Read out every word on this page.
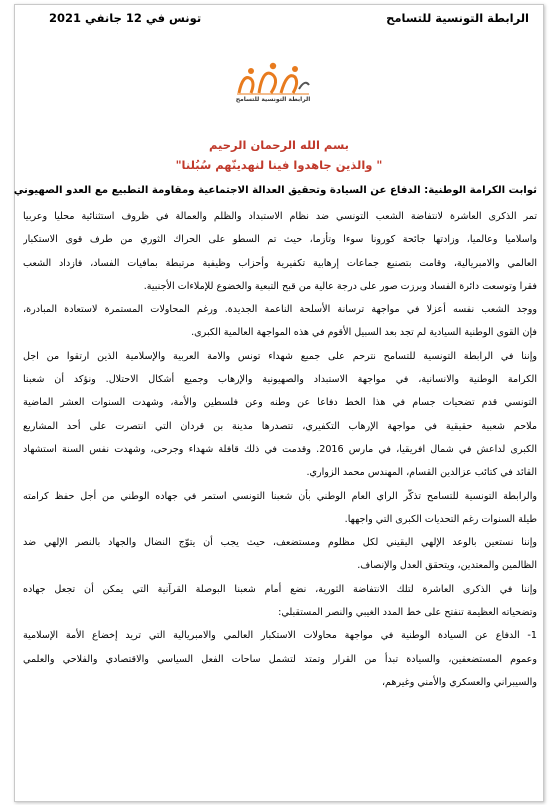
الرابطة التونسية للتسامح
تونس في 12 جانفي 2021
الرابطة التونسية للتسامح
بسم الله الرحمان الرحيم
" والذين جاهدوا فينا لنهدينّهم سُبُلنا"
ثوابت الكرامة الوطنية: الدفاع عن السيادة وتحقيق العدالة الاجتماعية ومقاومة التطبيع مع العدو الصهيوني
تمر الذكرى العاشرة لانتفاضة الشعب التونسي ضد نظام الاستبداد والظلم والعمالة في ظروف استثنائية محليا وعربيا
واسلاميا وعالميا، وزادتها جائحة كورونا سوءا وتأزما، حيث تم السطو على الحراك الثوري من طرف قوى الاستكبار
العالمي والامبريالية، وقامت بتصنيع جماعات إرهابية تكفيرية وأحزاب وظيفية مرتبطة بمافيات الفساد، فازداد الشعب
فقرا وتوسعت دائرة الفساد وبرزت صور على درجة عالية من قبح التبعية والخضوع للإملاءات الأجنبية.
ووجد الشعب نفسه أعزلا في مواجهة ترسانة الأسلحة الناعمة الجديدة. ورغم المحاولات المستمرة لاستعادة المبادرة،
فإن القوى الوطنية السيادية لم تجد بعد السبيل الأقوم في هذه المواجهة العالمية الكبرى.
وإننا في الرابطة التونسية للتسامح نترحم على جميع شهداء تونس والامة العربية والإسلامية الذين ارتقوا من اجل
الكرامة الوطنية والانسانية، في مواجهة الاستبداد والصهيونية والإرهاب وجميع أشكال الاحتلال. ونؤكد أن شعبنا
التونسي قدم تضحيات جسام في هذا الخط دفاعا عن وطنه وعن فلسطين والأمة، وشهدت السنوات العشر الماضية
ملاحم شعبية حقيقية في مواجهة الإرهاب التكفيري، تتصدرها مدينة بن قردان التي انتصرت على أحد المشاريع
الكبرى لداعش في شمال افريقيا، في مارس 2016. وقدمت في ذلك قافلة شهداء وجرحى، وشهدت نفس السنة استشهاد
القائد في كتائب عزالدين القسام، المهندس محمد الزواري.
والرابطة التونسية للتسامح تذكّر الراي العام الوطني بأن شعبنا التونسي استمر في جهاده الوطني من أجل حفظ كرامته
طيلة السنوات رغم التحديات الكبرى التي واجهها.
وإننا نستعين بالوعد الإلهي اليقيني لكل مظلوم ومستضعف، حيث يجب أن يتوّج النضال والجهاد بالنصر الإلهي ضد
الظالمين والمعتدين، ويتحقق العدل والإنصاف.
وإننا في الذكرى العاشرة لتلك الانتفاضة الثورية، نضع أمام شعبنا البوصلة القرآنية التي يمكن أن تجعل جهاده
وتضحياته العظيمة تنفتح على خط المدد الغيبي والنصر المستقبلي:
1- الدفاع عن السيادة الوطنية في مواجهة محاولات الاستكبار العالمي والامبريالية التي تريد إخضاع الأمة الإسلامية
وعموم المستضعفين، والسيادة تبدأ من القرار وتمتد لتشمل ساحات الفعل السياسي والاقتصادي والفلاحي والعلمي
والسيبراني والعسكري والأمني وغيرهم،
